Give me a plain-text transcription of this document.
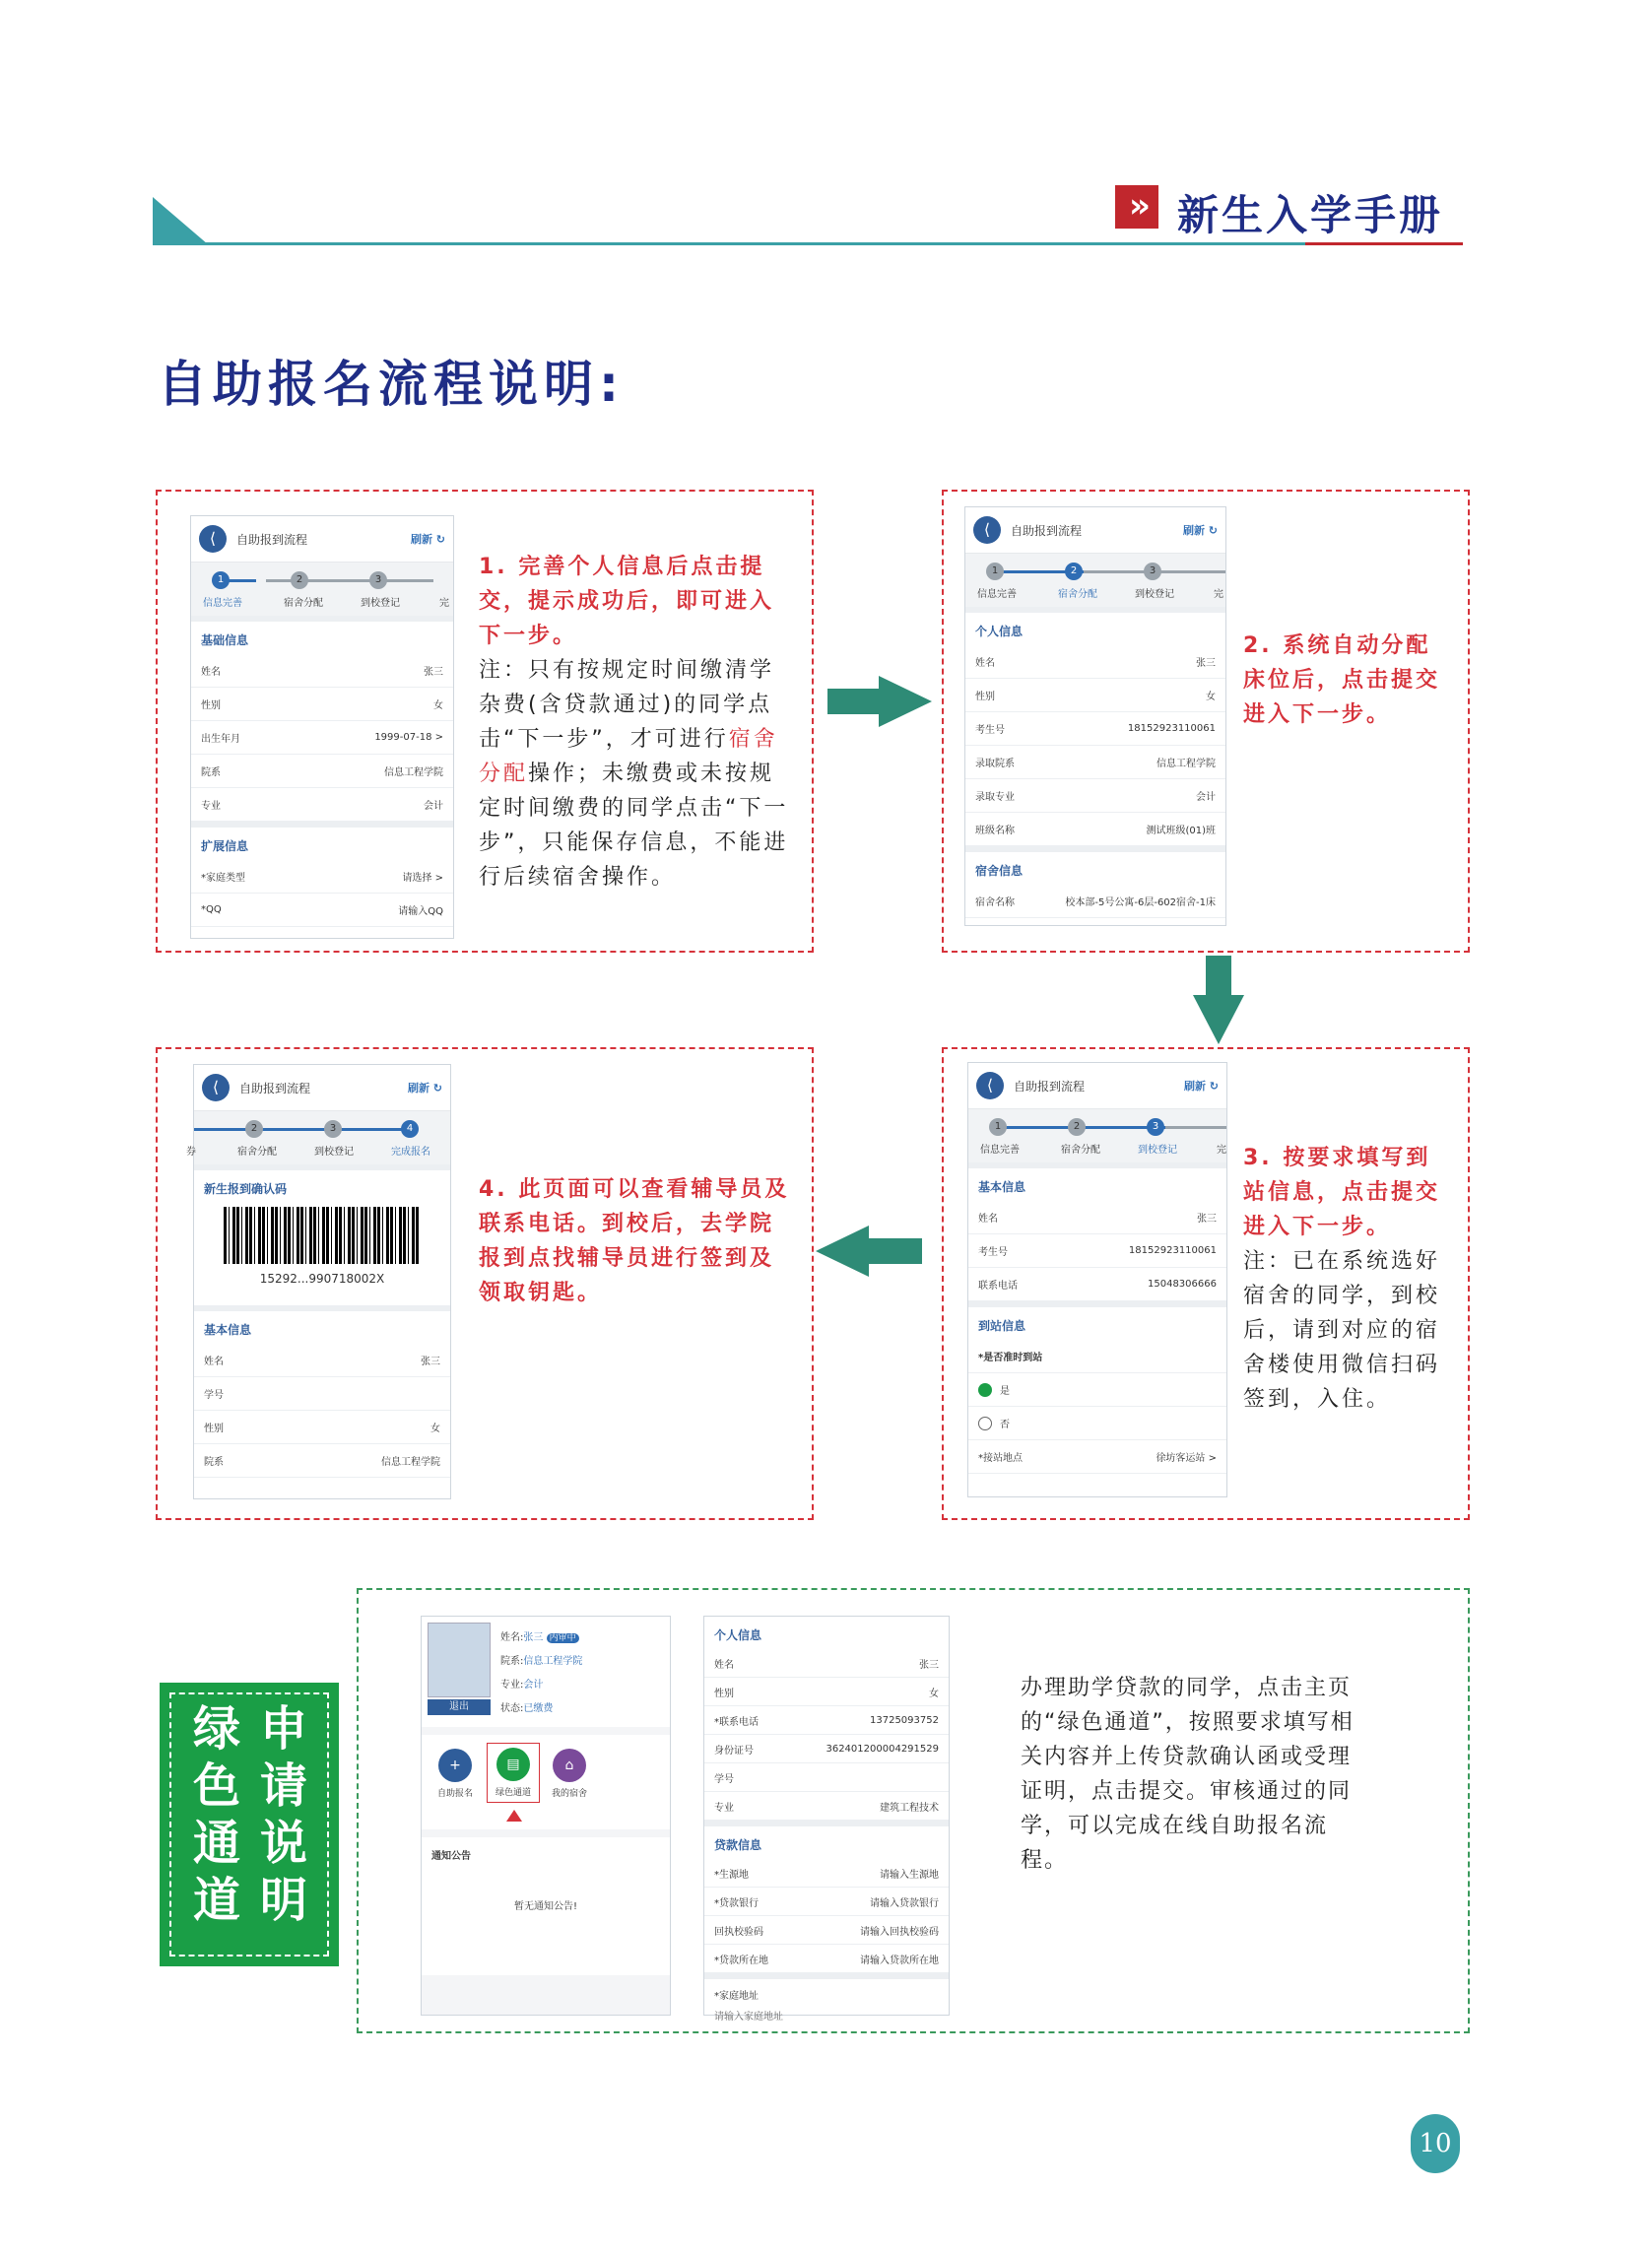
» 新生入学手册
自助报名流程说明:
⟨	自助报到流程	刷新 ↻
1	2	3
信息完善	宿舍分配	到校登记	完
基础信息
姓名	张三
性别	女
出生年月	1999-07-18 >
院系	信息工程学院
专业	会计
扩展信息
*家庭类型	请选择 >
*QQ	请输入QQ
1. 完善个人信息后点击提交，提示成功后，即可进入下一步。
注：只有按规定时间缴清学杂费(含贷款通过)的同学点击“下一步”，才可进行宿舍分配操作；未缴费或未按规定时间缴费的同学点击“下一步”，只能保存信息，不能进行后续宿舍操作。
⟨	自助报到流程	刷新 ↻
1	2	3
信息完善	宿舍分配	到校登记	完
个人信息
姓名	张三
性别	女
考生号	18152923110061
录取院系	信息工程学院
录取专业	会计
班级名称	测试班级(01)班
宿舍信息
宿舍名称	校本部-5号公寓-6层-602宿舍-1床
2. 系统自动分配床位后，点击提交进入下一步。
⟨	自助报到流程	刷新 ↻
1	2	3
信息完善	宿舍分配	到校登记	完
基本信息
姓名	张三
考生号	18152923110061
联系电话	15048306666
到站信息
*是否准时到站
是
否
*接站地点	徐坊客运站 >
3. 按要求填写到站信息，点击提交进入下一步。
注：已在系统选好宿舍的同学，到校后，请到对应的宿舍楼使用微信扫码签到，入住。
⟨	自助报到流程	刷新 ↻
2	3	4
券	宿舍分配	到校登记	完成报名
新生报到确认码
15292...990718002X
基本信息
姓名	张三
学号
性别	女
院系	信息工程学院
4. 此页面可以查看辅导员及联系电话。到校后，去学院报到点找辅导员进行签到及领取钥匙。
绿色通道
申请说明
退出
姓名:张三 内审中
院系:信息工程学院
专业:会计
状态:已缴费
+
自助报名
▤
绿色通道
⌂
我的宿舍
通知公告
暂无通知公告!
个人信息
姓名	张三
性别	女
*联系电话	13725093752
身份证号	362401200004291529
学号
专业	建筑工程技术
贷款信息
*生源地	请输入生源地
*贷款银行	请输入贷款银行
回执校验码	请输入回执校验码
*贷款所在地	请输入贷款所在地
*家庭地址
请输入家庭地址
办理助学贷款的同学，点击主页的“绿色通道”，按照要求填写相关内容并上传贷款确认函或受理证明，点击提交。审核通过的同学，可以完成在线自助报名流程。
10
